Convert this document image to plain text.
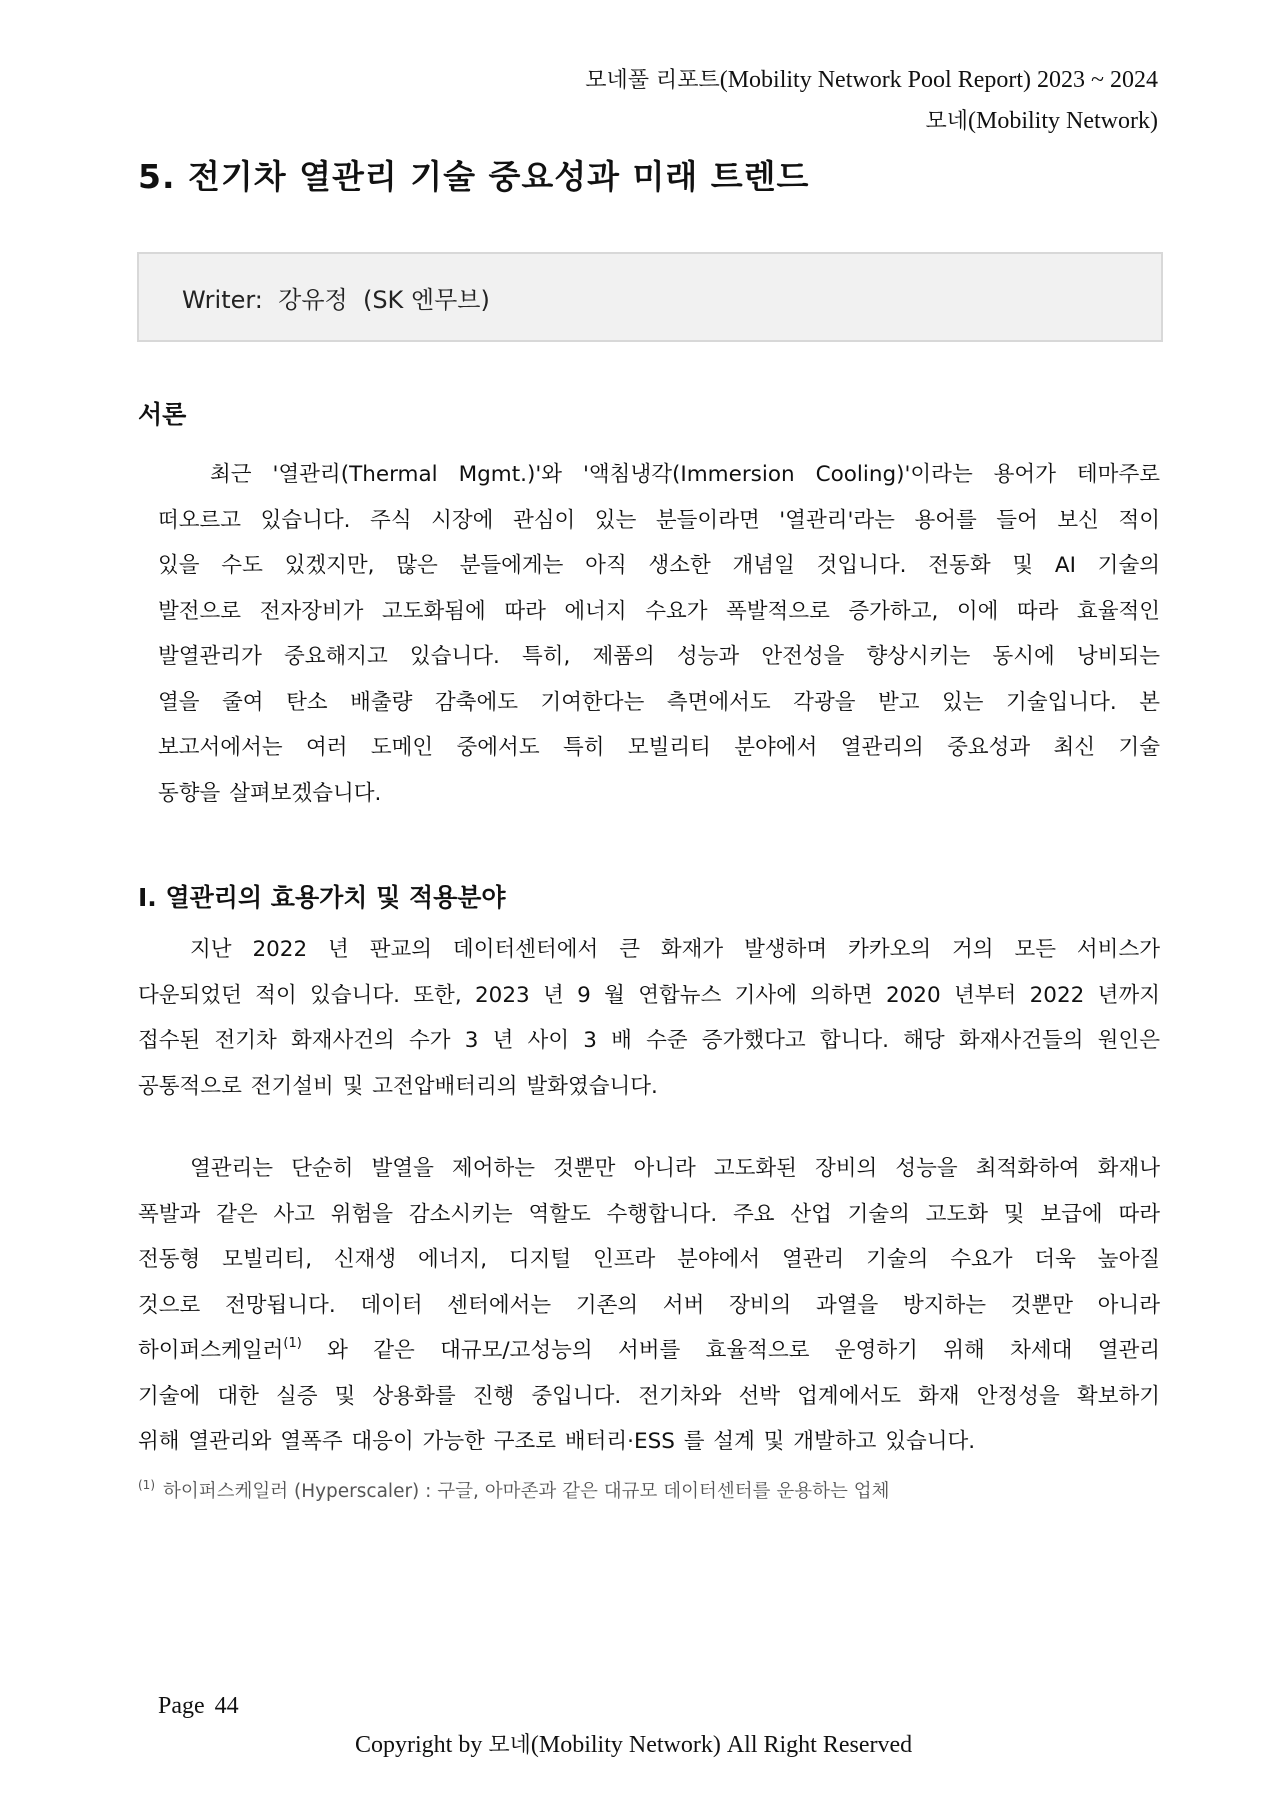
모네풀 리포트(Mobility Network Pool Report) 2023 ~ 2024
모네(Mobility Network)
5. 전기차 열관리 기술 중요성과 미래 트렌드
Writer:  강유정  (SK 엔무브)
서론
최근 '열관리(Thermal Mgmt.)'와 '액침냉각(Immersion Cooling)'이라는 용어가 테마주로
떠오르고 있습니다. 주식 시장에 관심이 있는 분들이라면 '열관리'라는 용어를 들어 보신 적이
있을 수도 있겠지만, 많은 분들에게는 아직 생소한 개념일 것입니다. 전동화 및 AI 기술의
발전으로 전자장비가 고도화됨에 따라 에너지 수요가 폭발적으로 증가하고, 이에 따라 효율적인
발열관리가 중요해지고 있습니다. 특히, 제품의 성능과 안전성을 향상시키는 동시에 낭비되는
열을 줄여 탄소 배출량 감축에도 기여한다는 측면에서도 각광을 받고 있는 기술입니다. 본
보고서에서는 여러 도메인 중에서도 특히 모빌리티 분야에서 열관리의 중요성과 최신 기술
동향을 살펴보겠습니다.
I. 열관리의 효용가치 및 적용분야
지난 2022 년 판교의 데이터센터에서 큰 화재가 발생하며 카카오의 거의 모든 서비스가
다운되었던 적이 있습니다. 또한, 2023 년 9 월 연합뉴스 기사에 의하면 2020 년부터 2022 년까지
접수된 전기차 화재사건의 수가 3 년 사이 3 배 수준 증가했다고 합니다. 해당 화재사건들의 원인은
공통적으로 전기설비 및 고전압배터리의 발화였습니다.
열관리는 단순히 발열을 제어하는 것뿐만 아니라 고도화된 장비의 성능을 최적화하여 화재나
폭발과 같은 사고 위험을 감소시키는 역할도 수행합니다. 주요 산업 기술의 고도화 및 보급에 따라
전동형 모빌리티, 신재생 에너지, 디지털 인프라 분야에서 열관리 기술의 수요가 더욱 높아질
것으로 전망됩니다. 데이터 센터에서는 기존의 서버 장비의 과열을 방지하는 것뿐만 아니라
하이퍼스케일러$^{(1)}$ 와 같은 대규모/고성능의 서버를 효율적으로 운영하기 위해 차세대 열관리
기술에 대한 실증 및 상용화를 진행 중입니다. 전기차와 선박 업계에서도 화재 안정성을 확보하기
위해 열관리와 열폭주 대응이 가능한 구조로 배터리·ESS 를 설계 및 개발하고 있습니다.
$^{(1)}$ 하이퍼스케일러 (Hyperscaler) : 구글, 아마존과 같은 대규모 데이터센터를 운용하는 업체
Page 44
Copyright by 모네(Mobility Network) All Right Reserved
